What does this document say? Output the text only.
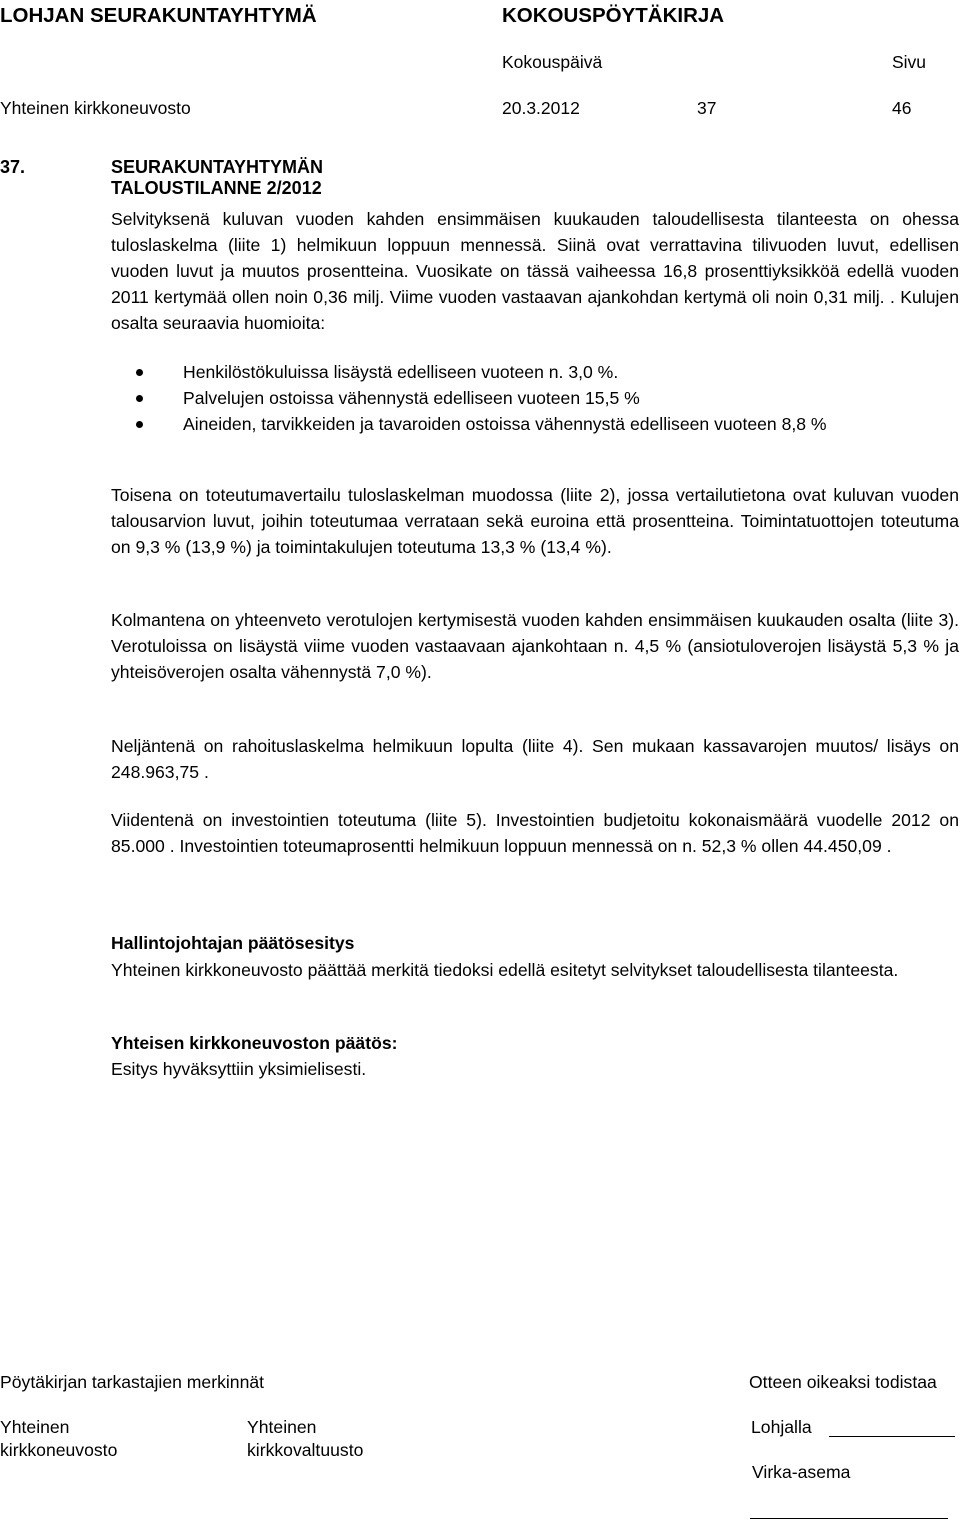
LOHJAN SEURAKUNTAYHTYMÄ	KOKOUSPÖYTÄKIRJA
Kokouspäivä	Sivu
Yhteinen kirkkoneuvosto	20.3.2012	37	46
37.	SEURAKUNTAYHTYMÄN TALOUSTILANNE 2/2012

Selvityksenä kuluvan vuoden kahden ensimmäisen kuukauden taloudellisesta tilanteesta on ohessa tuloslaskelma (liite 1) helmikuun loppuun mennessä. Siinä ovat verrattavina tilivuoden luvut, edellisen vuoden luvut ja muutos prosentteina. Vuosikate on tässä vaiheessa 16,8 prosenttiyksikköä edellä vuoden 2011 kertymää ollen noin 0,36 milj. Viime vuoden vastaavan ajankohdan kertymä oli noin 0,31 milj. . Kulujen osalta seuraavia huomioita:

Henkilöstökuluissa lisäystä edelliseen vuoteen n. 3,0 %.
Palvelujen ostoissa vähennystä edelliseen vuoteen 15,5 %
Aineiden, tarvikkeiden ja tavaroiden ostoissa vähennystä edelliseen vuoteen 8,8 %

Toisena on toteutumavertailu tuloslaskelman muodossa (liite 2), jossa vertailutietona ovat kuluvan vuoden talousarvion luvut, joihin toteutumaa verrataan sekä euroina että prosentteina. Toimintatuottojen toteutuma on 9,3 % (13,9 %) ja toimintakulujen toteutuma 13,3 % (13,4 %).

Kolmantena on yhteenveto verotulojen kertymisestä vuoden kahden ensimmäisen kuukauden osalta (liite 3). Verotuloissa on lisäystä viime vuoden vastaavaan ajankohtaan n. 4,5 % (ansiotuloverojen lisäystä 5,3 % ja yhteisöverojen osalta vähennystä 7,0 %).

Neljäntenä on rahoituslaskelma helmikuun lopulta (liite 4). Sen mukaan kassavarojen muutos/ lisäys on 248.963,75 .

Viidentenä on investointien toteutuma (liite 5). Investointien budjetoitu kokonaismäärä vuodelle 2012 on 85.000 . Investointien toteumaprosentti helmikuun loppuun mennessä on n. 52,3 % ollen 44.450,09 .

Hallintojohtajan päätösesitys

Yhteinen kirkkoneuvosto päättää merkitä tiedoksi edellä esitetyt selvitykset taloudellisesta tilanteesta.

Yhteisen kirkkoneuvoston päätös:

Esitys hyväksyttiin yksimielisesti.

Pöytäkirjan tarkastajien merkinnät	Otteen oikeaksi todistaa
Yhteinen
kirkkoneuvosto
Yhteinen
kirkkovaltuusto
Lohjalla
Virka-asema
